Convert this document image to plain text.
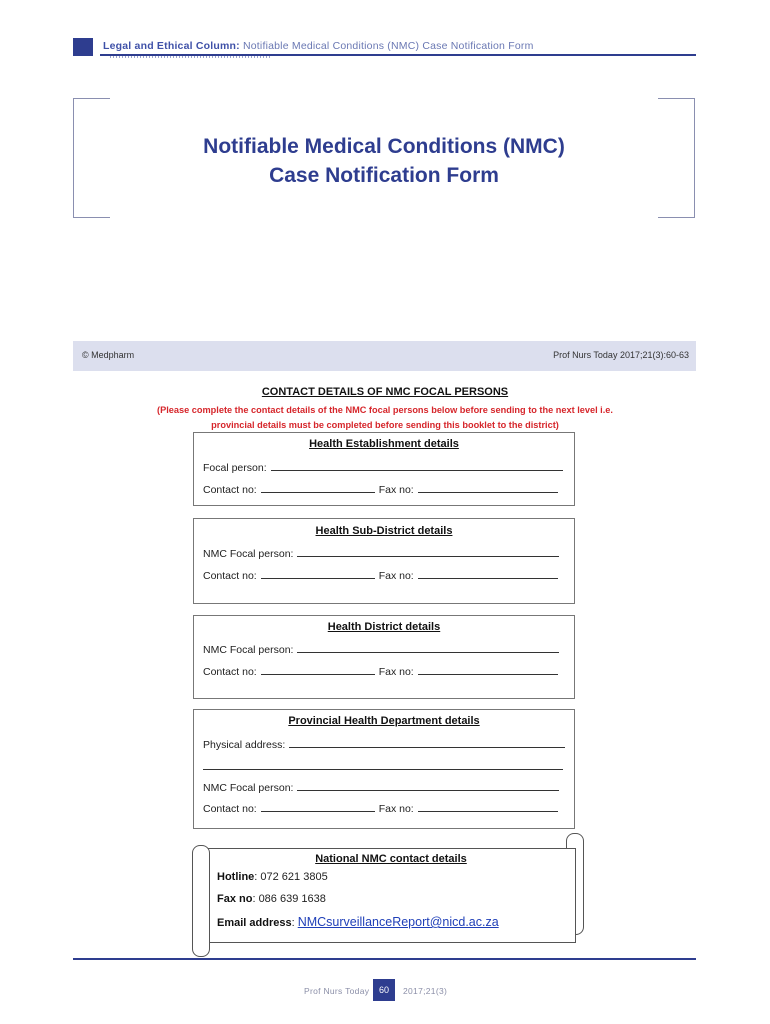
Legal and Ethical Column: Notifiable Medical Conditions (NMC) Case Notification Form
Notifiable Medical Conditions (NMC)
Case Notification Form
© Medpharm	Prof Nurs Today 2017;21(3):60-63
CONTACT DETAILS OF NMC FOCAL PERSONS
(Please complete the contact details of the NMC focal persons below before sending to the next level i.e.
provincial details must be completed before sending this booklet to the district)
Health Establishment details
Focal person:
Contact no:	Fax no:
Health Sub-District details
NMC Focal person:
Contact no:	Fax no:
Health District details
NMC Focal person:
Contact no:	Fax no:
Provincial Health Department details
Physical address:
NMC Focal person:
Contact no:	Fax no:
National NMC contact details
Hotline: 072 621 3805
Fax no: 086 639 1638
Email address: NMCsurveillanceReport@nicd.ac.za
Prof Nurs Today	60	2017;21(3)
